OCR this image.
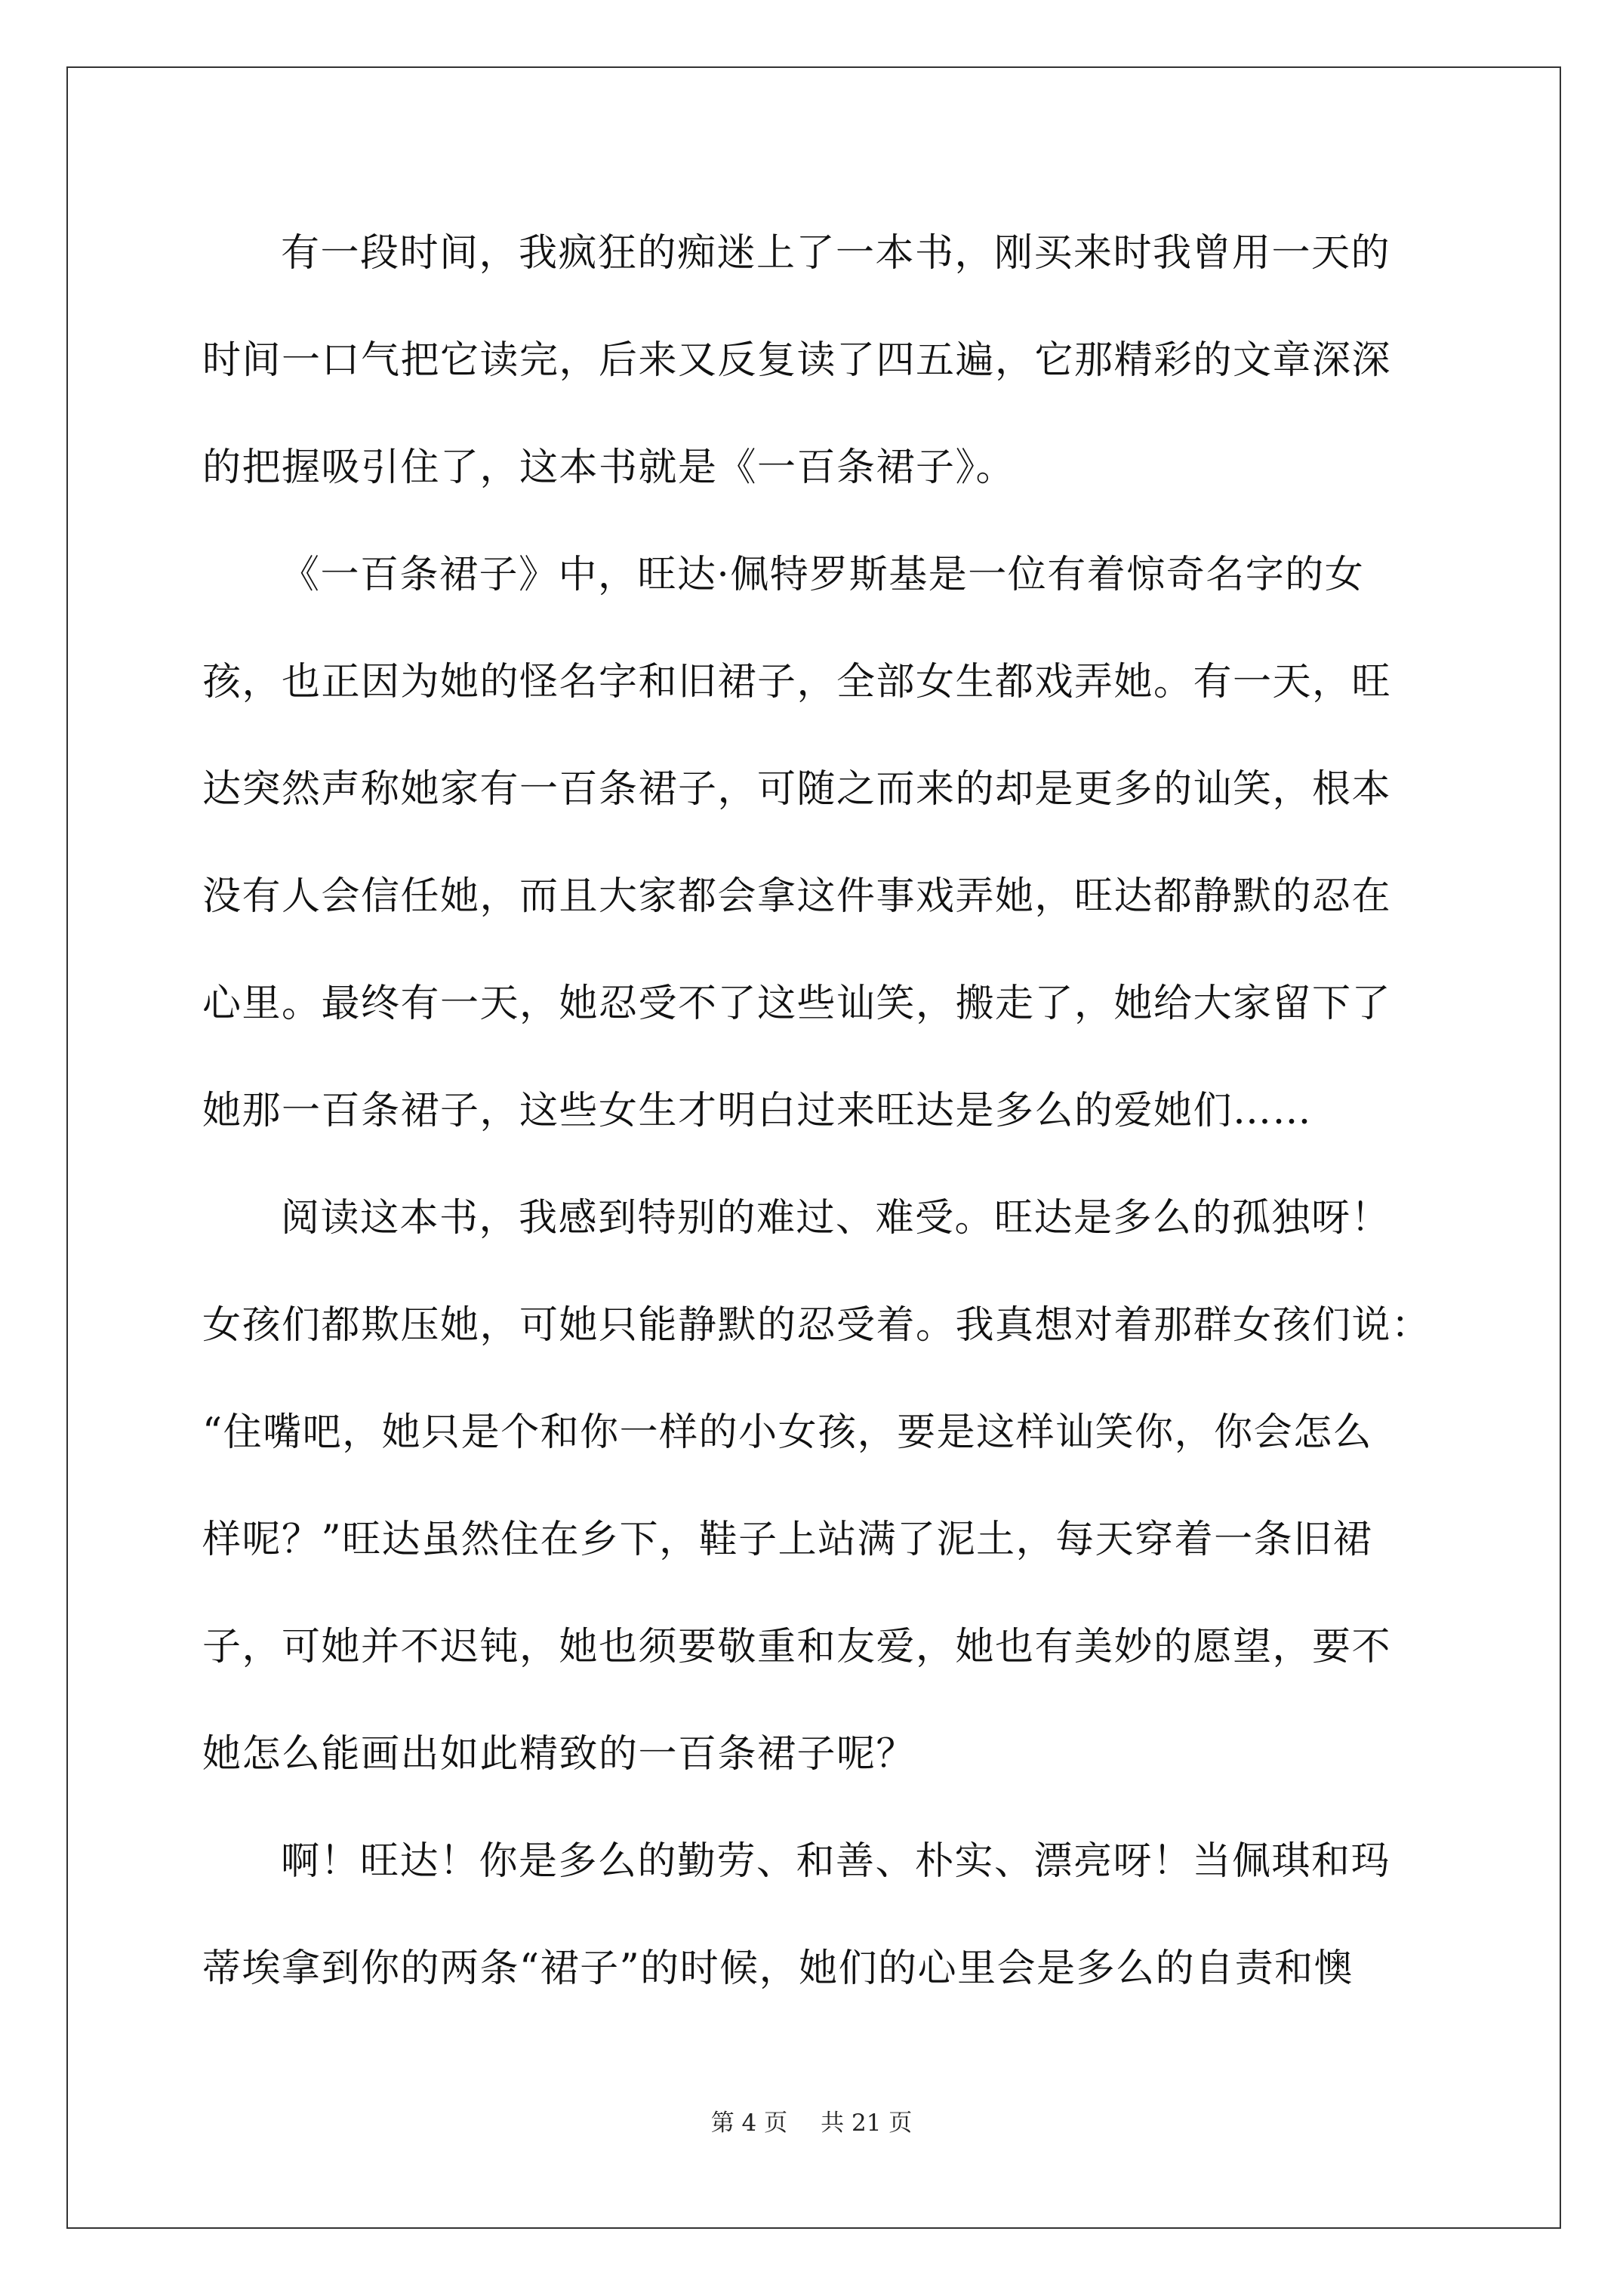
有一段时间，我疯狂的痴迷上了一本书，刚买来时我曾用一天的
时间一口气把它读完，后来又反复读了四五遍，它那精彩的文章深深
的把握吸引住了，这本书就是《一百条裙子》。
《一百条裙子》中，旺达·佩特罗斯基是一位有着惊奇名字的女
孩，也正因为她的怪名字和旧裙子，全部女生都戏弄她。有一天，旺
达突然声称她家有一百条裙子，可随之而来的却是更多的讪笑，根本
没有人会信任她，而且大家都会拿这件事戏弄她，旺达都静默的忍在
心里。最终有一天，她忍受不了这些讪笑，搬走了，她给大家留下了
她那一百条裙子，这些女生才明白过来旺达是多么的爱她们……
阅读这本书，我感到特别的难过、难受。旺达是多么的孤独呀！
女孩们都欺压她，可她只能静默的忍受着。我真想对着那群女孩们说：
“住嘴吧，她只是个和你一样的小女孩，要是这样讪笑你，你会怎么
样呢？”旺达虽然住在乡下，鞋子上站满了泥土，每天穿着一条旧裙
子，可她并不迟钝，她也须要敬重和友爱，她也有美妙的愿望，要不
她怎么能画出如此精致的一百条裙子呢？
啊！旺达！你是多么的勤劳、和善、朴实、漂亮呀！当佩琪和玛
蒂埃拿到你的两条“裙子”的时候，她们的心里会是多么的自责和懊
第 4 页 共 21 页
